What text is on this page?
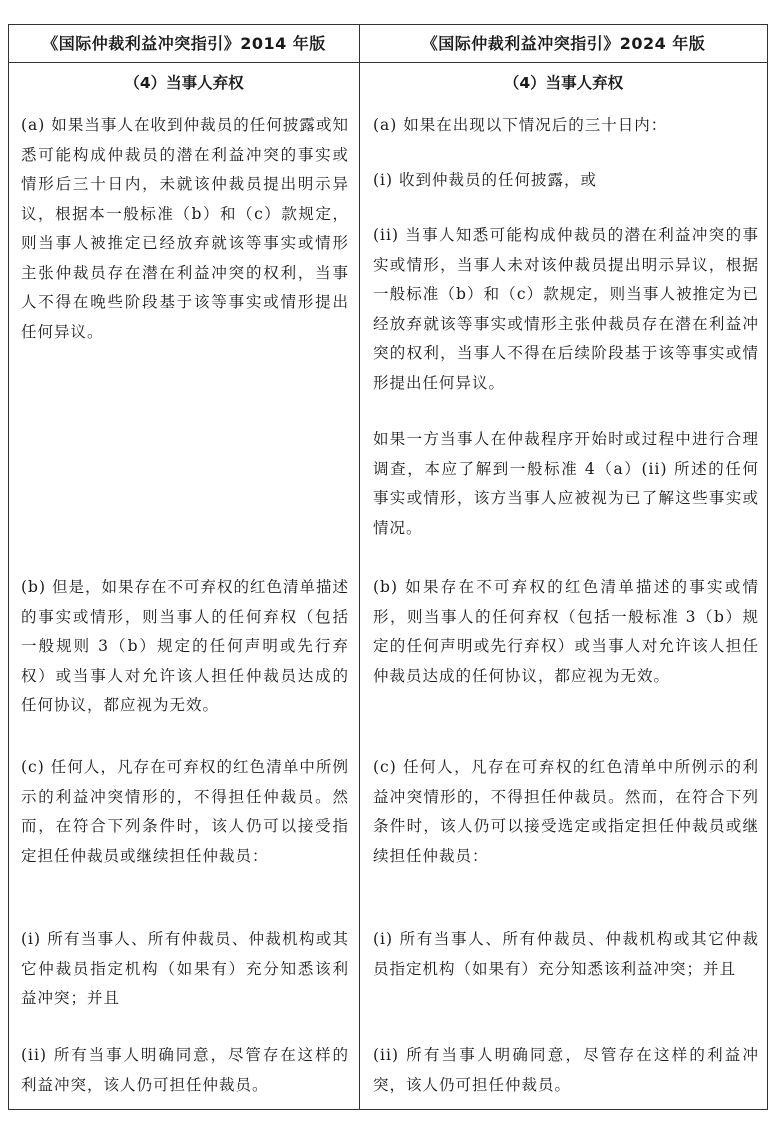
《国际仲裁利益冲突指引》2014 年版	《国际仲裁利益冲突指引》2024 年版
（4）当事人弃权	（4）当事人弃权

(a) 如果当事人在收到仲裁员的任何披露或知悉可能构成仲裁员的潜在利益冲突的事实或情形后三十日内，未就该仲裁员提出明示异议，根据本一般标准（b）和（c）款规定，则当事人被推定已经放弃就该等事实或情形主张仲裁员存在潜在利益冲突的权利，当事人不得在晚些阶段基于该等事实或情形提出任何异议。

(b) 但是，如果存在不可弃权的红色清单描述的事实或情形，则当事人的任何弃权（包括一般规则 3（b）规定的任何声明或先行弃权）或当事人对允许该人担任仲裁员达成的任何协议，都应视为无效。

(c) 任何人，凡存在可弃权的红色清单中所例示的利益冲突情形的，不得担任仲裁员。然而，在符合下列条件时，该人仍可以接受指定担任仲裁员或继续担任仲裁员：

(i) 所有当事人、所有仲裁员、仲裁机构或其它仲裁员指定机构（如果有）充分知悉该利益冲突；并且

(ii) 所有当事人明确同意，尽管存在这样的利益冲突，该人仍可担任仲裁员。

(a) 如果在出现以下情况后的三十日内：

(i) 收到仲裁员的任何披露，或

(ii) 当事人知悉可能构成仲裁员的潜在利益冲突的事实或情形，当事人未对该仲裁员提出明示异议，根据一般标准（b）和（c）款规定，则当事人被推定为已经放弃就该等事实或情形主张仲裁员存在潜在利益冲突的权利，当事人不得在后续阶段基于该等事实或情形提出任何异议。

如果一方当事人在仲裁程序开始时或过程中进行合理调查，本应了解到一般标准 4（a）(ii) 所述的任何事实或情形，该方当事人应被视为已了解这些事实或情况。

(b) 如果存在不可弃权的红色清单描述的事实或情形，则当事人的任何弃权（包括一般标准 3（b）规定的任何声明或先行弃权）或当事人对允许该人担任仲裁员达成的任何协议，都应视为无效。

(c) 任何人，凡存在可弃权的红色清单中所例示的利益冲突情形的，不得担任仲裁员。然而，在符合下列条件时，该人仍可以接受选定或指定担任仲裁员或继续担任仲裁员：

(i) 所有当事人、所有仲裁员、仲裁机构或其它仲裁员指定机构（如果有）充分知悉该利益冲突；并且

(ii) 所有当事人明确同意，尽管存在这样的利益冲突，该人仍可担任仲裁员。
